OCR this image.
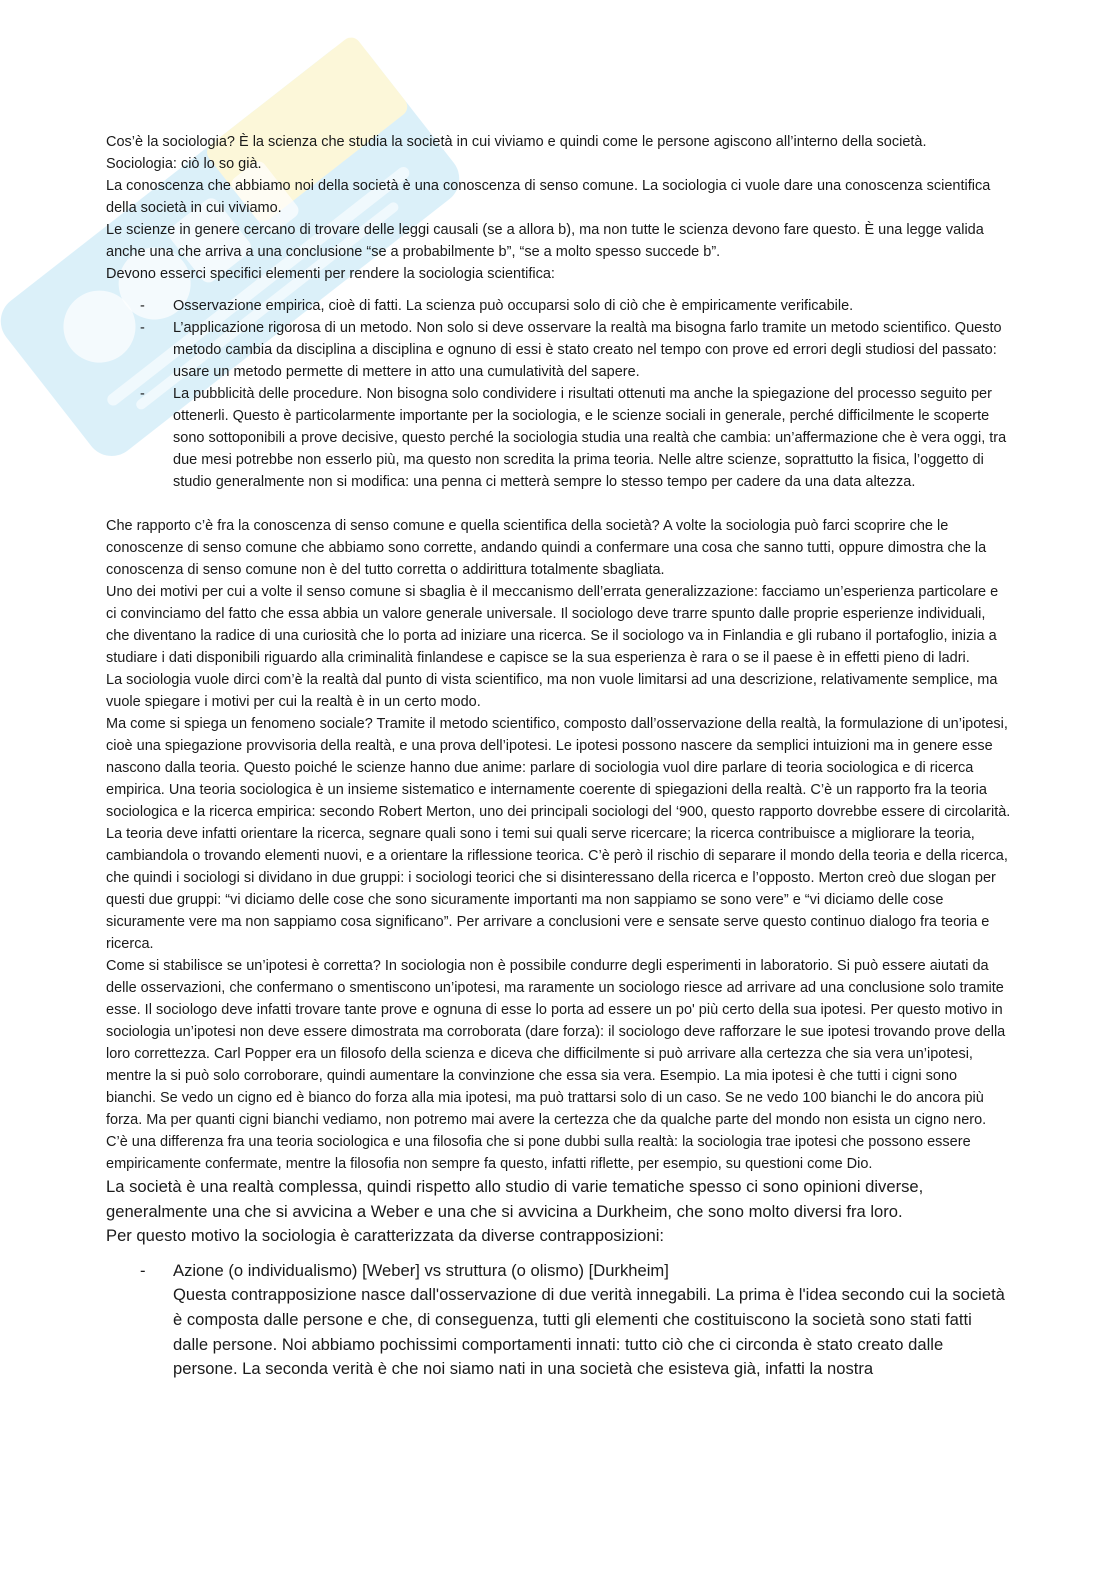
Cos’è la sociologia? È la scienza che studia la società in cui viviamo e quindi come le persone agiscono all’interno della società.

Sociologia: ciò lo so già.

La conoscenza che abbiamo noi della società è una conoscenza di senso comune. La sociologia ci vuole dare una conoscenza scientifica della società in cui viviamo.

Le scienze in genere cercano di trovare delle leggi causali (se a allora b), ma non tutte le scienza devono fare questo. È una legge valida anche una che arriva a una conclusione “se a probabilmente b”, “se a molto spesso succede b”.

Devono esserci specifici elementi per rendere la sociologia scientifica:

- Osservazione empirica, cioè di fatti. La scienza può occuparsi solo di ciò che è empiricamente verificabile.
- L’applicazione rigorosa di un metodo. Non solo si deve osservare la realtà ma bisogna farlo tramite un metodo scientifico. Questo metodo cambia da disciplina a disciplina e ognuno di essi è stato creato nel tempo con prove ed errori degli studiosi del passato: usare un metodo permette di mettere in atto una cumulatività del sapere.
- La pubblicità delle procedure. Non bisogna solo condividere i risultati ottenuti ma anche la spiegazione del processo seguito per ottenerli. Questo è particolarmente importante per la sociologia, e le scienze sociali in generale, perché difficilmente le scoperte sono sottoponibili a prove decisive, questo perché la sociologia studia una realtà che cambia: un’affermazione che è vera oggi, tra due mesi potrebbe non esserlo più, ma questo non scredita la prima teoria. Nelle altre scienze, soprattutto la fisica, l’oggetto di studio generalmente non si modifica: una penna ci metterà sempre lo stesso tempo per cadere da una data altezza.

Che rapporto c’è fra la conoscenza di senso comune e quella scientifica della società? A volte la sociologia può farci scoprire che le conoscenze di senso comune che abbiamo sono corrette, andando quindi a confermare una cosa che sanno tutti, oppure dimostra che la conoscenza di senso comune non è del tutto corretta o addirittura totalmente sbagliata.

Uno dei motivi per cui a volte il senso comune si sbaglia è il meccanismo dell’errata generalizzazione: facciamo un’esperienza particolare e ci convinciamo del fatto che essa abbia un valore generale universale. Il sociologo deve trarre spunto dalle proprie esperienze individuali, che diventano la radice di una curiosità che lo porta ad iniziare una ricerca. Se il sociologo va in Finlandia e gli rubano il portafoglio, inizia a studiare i dati disponibili riguardo alla criminalità finlandese e capisce se la sua esperienza è rara o se il paese è in effetti pieno di ladri.

La sociologia vuole dirci com’è la realtà dal punto di vista scientifico, ma non vuole limitarsi ad una descrizione, relativamente semplice, ma vuole spiegare i motivi per cui la realtà è in un certo modo.

Ma come si spiega un fenomeno sociale? Tramite il metodo scientifico, composto dall’osservazione della realtà, la formulazione di un’ipotesi, cioè una spiegazione provvisoria della realtà, e una prova dell’ipotesi. Le ipotesi possono nascere da semplici intuizioni ma in genere esse nascono dalla teoria. Questo poiché le scienze hanno due anime: parlare di sociologia vuol dire parlare di teoria sociologica e di ricerca empirica. Una teoria sociologica è un insieme sistematico e internamente coerente di spiegazioni della realtà. C’è un rapporto fra la teoria sociologica e la ricerca empirica: secondo Robert Merton, uno dei principali sociologi del ‘900, questo rapporto dovrebbe essere di circolarità. La teoria deve infatti orientare la ricerca, segnare quali sono i temi sui quali serve ricercare; la ricerca contribuisce a migliorare la teoria, cambiandola o trovando elementi nuovi, e a orientare la riflessione teorica. C’è però il rischio di separare il mondo della teoria e della ricerca, che quindi i sociologi si dividano in due gruppi: i sociologi teorici che si disinteressano della ricerca e l’opposto. Merton creò due slogan per questi due gruppi: “vi diciamo delle cose che sono sicuramente importanti ma non sappiamo se sono vere” e “vi diciamo delle cose sicuramente vere ma non sappiamo cosa significano”. Per arrivare a conclusioni vere e sensate serve questo continuo dialogo fra teoria e ricerca.

Come si stabilisce se un’ipotesi è corretta? In sociologia non è possibile condurre degli esperimenti in laboratorio. Si può essere aiutati da delle osservazioni, che confermano o smentiscono un’ipotesi, ma raramente un sociologo riesce ad arrivare ad una conclusione solo tramite esse. Il sociologo deve infatti trovare tante prove e ognuna di esse lo porta ad essere un po' più certo della sua ipotesi. Per questo motivo in sociologia un’ipotesi non deve essere dimostrata ma corroborata (dare forza): il sociologo deve rafforzare le sue ipotesi trovando prove della loro correttezza. Carl Popper era un filosofo della scienza e diceva che difficilmente si può arrivare alla certezza che sia vera un’ipotesi, mentre la si può solo corroborare, quindi aumentare la convinzione che essa sia vera. Esempio. La mia ipotesi è che tutti i cigni sono bianchi. Se vedo un cigno ed è bianco do forza alla mia ipotesi, ma può trattarsi solo di un caso. Se ne vedo 100 bianchi le do ancora più forza. Ma per quanti cigni bianchi vediamo, non potremo mai avere la certezza che da qualche parte del mondo non esista un cigno nero.

C’è una differenza fra una teoria sociologica e una filosofia che si pone dubbi sulla realtà: la sociologia trae ipotesi che possono essere empiricamente confermate, mentre la filosofia non sempre fa questo, infatti riflette, per esempio, su questioni come Dio.

La società è una realtà complessa, quindi rispetto allo studio di varie tematiche spesso ci sono opinioni diverse, generalmente una che si avvicina a Weber e una che si avvicina a Durkheim, che sono molto diversi fra loro.

Per questo motivo la sociologia è caratterizzata da diverse contrapposizioni:

- Azione (o individualismo) [Weber] vs struttura (o olismo) [Durkheim]
Questa contrapposizione nasce dall'osservazione di due verità innegabili. La prima è l'idea secondo cui la società è composta dalle persone e che, di conseguenza, tutti gli elementi che costituiscono la società sono stati fatti dalle persone. Noi abbiamo pochissimi comportamenti innati: tutto ciò che ci circonda è stato creato dalle persone. La seconda verità è che noi siamo nati in una società che esisteva già, infatti la nostra
